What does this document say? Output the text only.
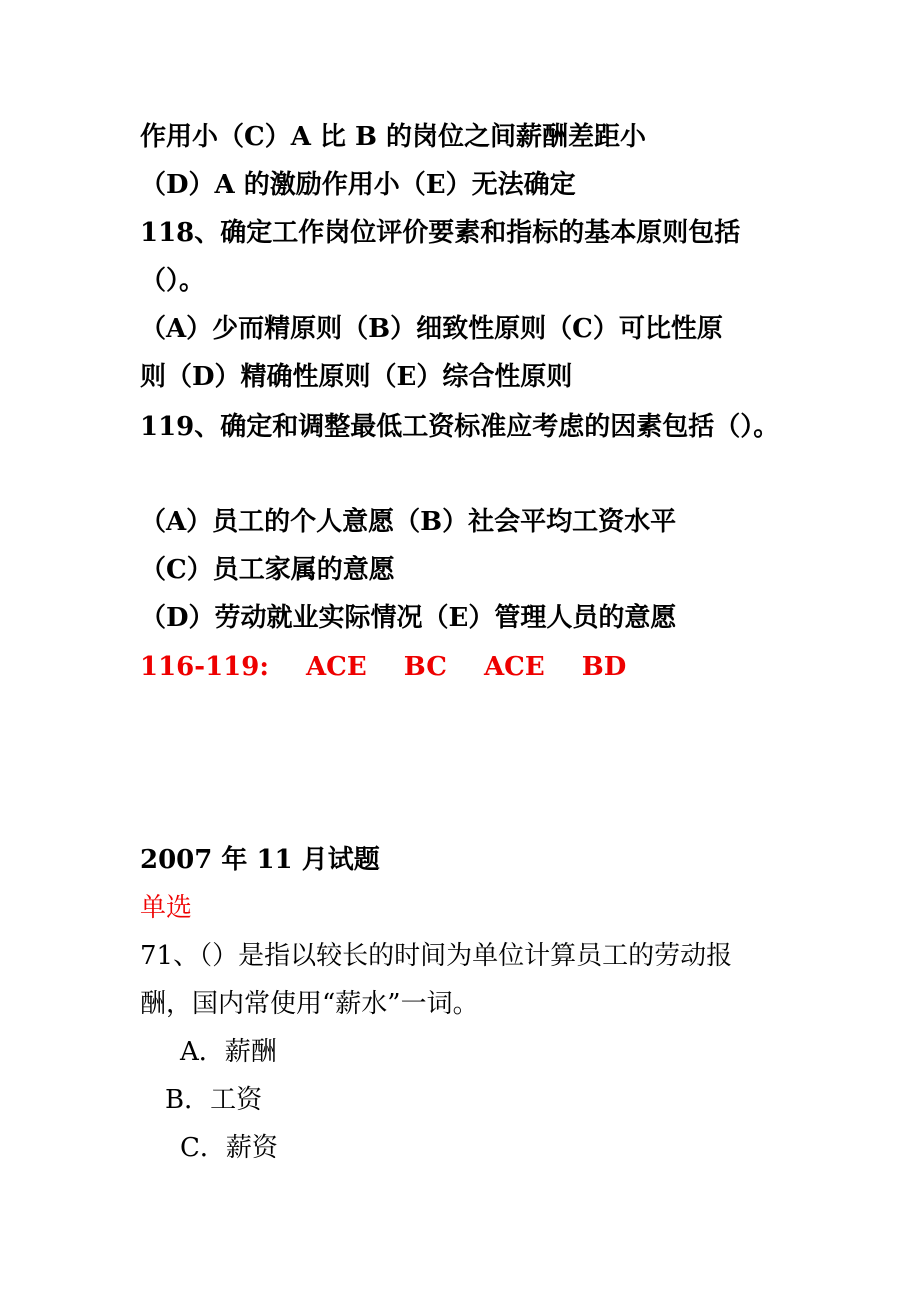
作用小（C）A 比 B 的岗位之间薪酬差距小
（D）A 的激励作用小（E）无法确定
118、确定工作岗位评价要素和指标的基本原则包括
（）。
（A）少而精原则（B）细致性原则（C）可比性原
则（D）精确性原则（E）综合性原则
119、确定和调整最低工资标准应考虑的因素包括（）。
（A）员工的个人意愿（B）社会平均工资水平
（C）员工家属的意愿
（D）劳动就业实际情况（E）管理人员的意愿
116-119: ACE BC ACE BD
2007 年 11 月试题
单选
71、（）是指以较长的时间为单位计算员工的劳动报
酬，国内常使用“薪水”一词。
A．薪酬
B．工资
C．薪资
